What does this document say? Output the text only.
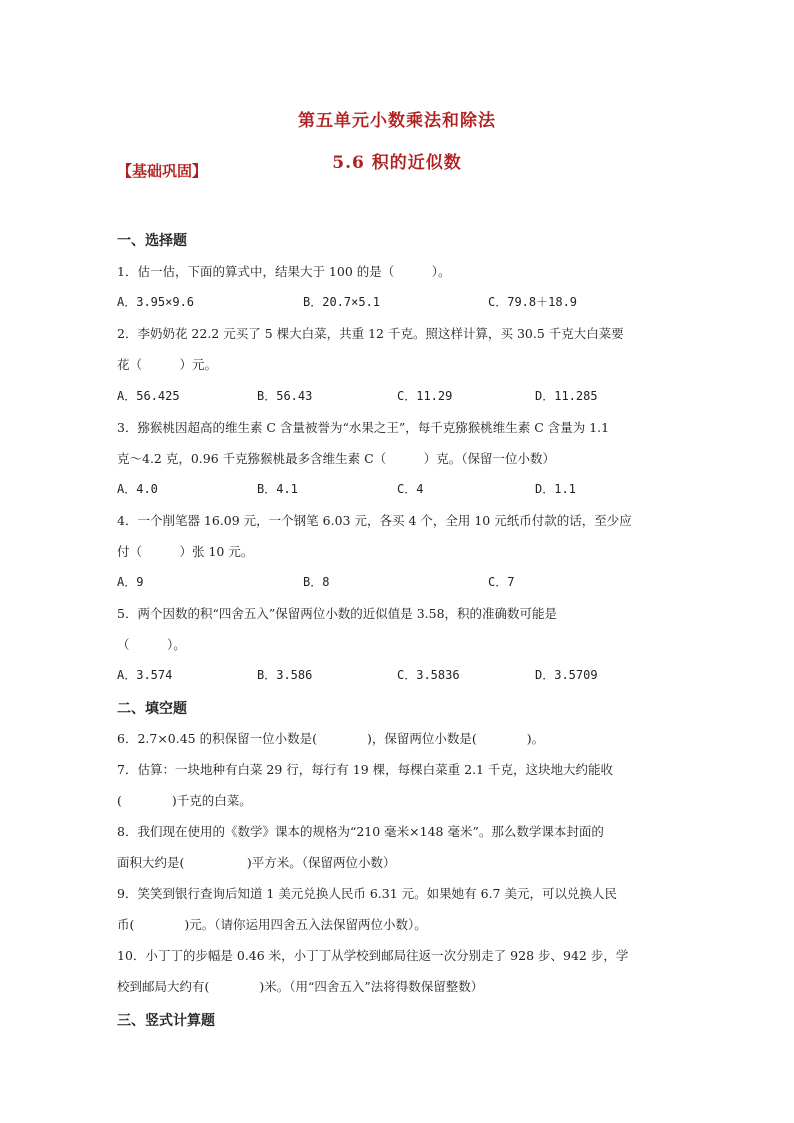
第五单元小数乘法和除法
5.6 积的近似数
【基础巩固】
一、选择题
1．估一估，下面的算式中，结果大于 100 的是（　　　）。
A．3.95×9.6	B．20.7×5.1	C．79.8＋18.9
2．李奶奶花 22.2 元买了 5 棵大白菜，共重 12 千克。照这样计算，买 30.5 千克大白菜要
花（　　　）元。
A．56.425	B．56.43	C．11.29	D．11.285
3．猕猴桃因超高的维生素 C 含量被誉为“水果之王”，每千克猕猴桃维生素 C 含量为 1.1
克～4.2 克，0.96 千克猕猴桃最多含维生素 C（　　　）克。（保留一位小数）
A．4.0	B．4.1	C．4	D．1.1
4．一个削笔器 16.09 元，一个钢笔 6.03 元，各买 4 个，全用 10 元纸币付款的话，至少应
付（　　　）张 10 元。
A．9	B．8	C．7
5．两个因数的积“四舍五入”保留两位小数的近似值是 3.58，积的准确数可能是
（　　　）。
A．3.574	B．3.586	C．3.5836	D．3.5709
二、填空题
6．2.7×0.45 的积保留一位小数是(　　　　)，保留两位小数是(　　　　)。
7．估算：一块地种有白菜 29 行，每行有 19 棵，每棵白菜重 2.1 千克，这块地大约能收
(　　　　)千克的白菜。
8．我们现在使用的《数学》课本的规格为“210 毫米×148 毫米”。那么数学课本封面的
面积大约是(　　　　　)平方米。（保留两位小数）
9．笑笑到银行查询后知道 1 美元兑换人民币 6.31 元。如果她有 6.7 美元，可以兑换人民
币(　　　　)元。（请你运用四舍五入法保留两位小数）。
10．小丁丁的步幅是 0.46 米，小丁丁从学校到邮局往返一次分别走了 928 步、942 步，学
校到邮局大约有(　　　　)米。（用“四舍五入”法将得数保留整数）
三、竖式计算题
